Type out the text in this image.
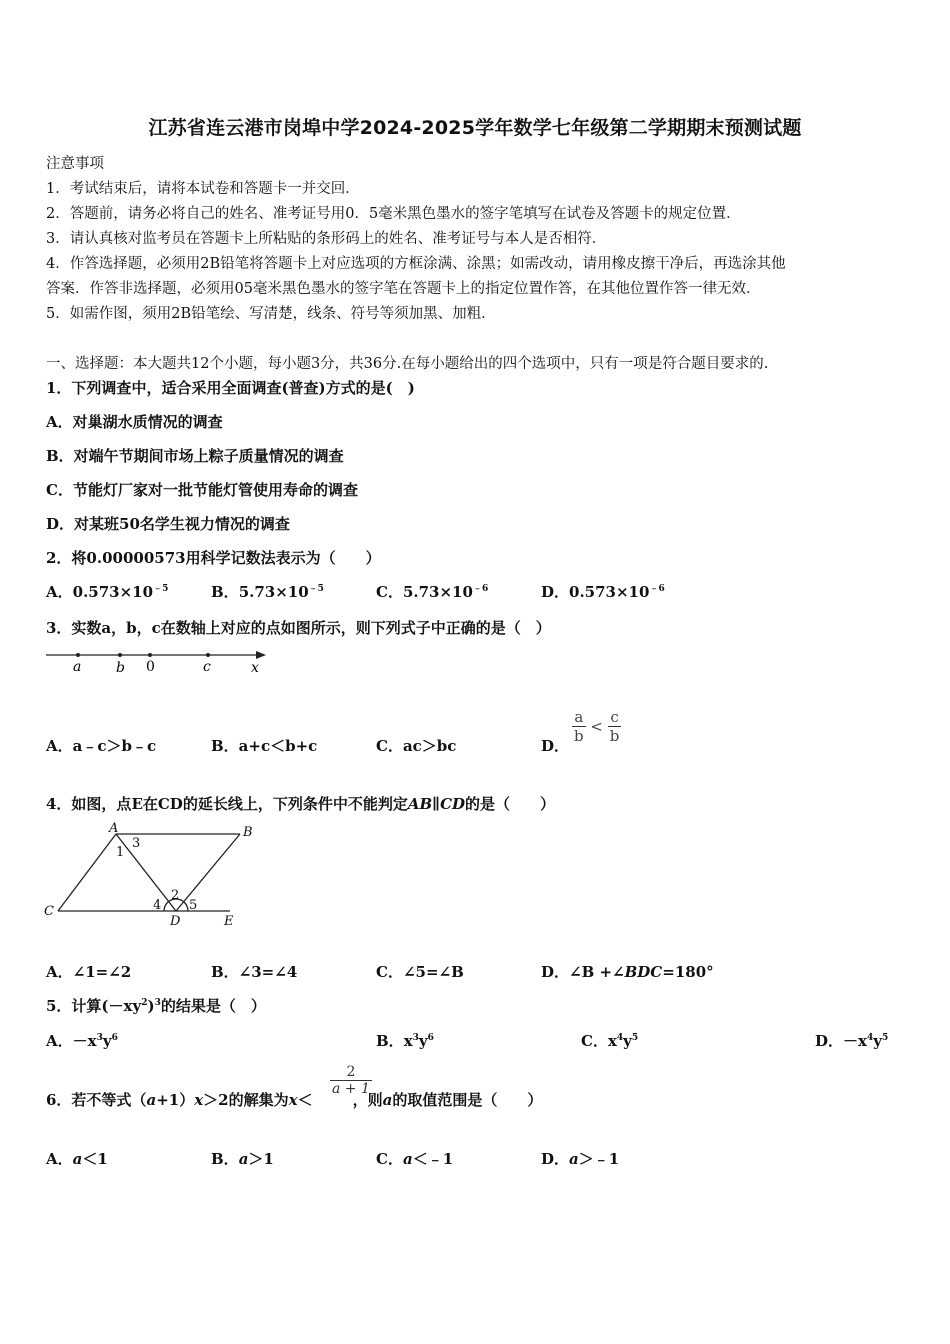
江苏省连云港市岗埠中学2024-2025学年数学七年级第二学期期末预测试题
注意事项
1．考试结束后，请将本试卷和答题卡一并交回．
2．答题前，请务必将自己的姓名、准考证号用0．5毫米黑色墨水的签字笔填写在试卷及答题卡的规定位置．
3．请认真核对监考员在答题卡上所粘贴的条形码上的姓名、准考证号与本人是否相符．
4．作答选择题，必须用2B铅笔将答题卡上对应选项的方框涂满、涂黑；如需改动，请用橡皮擦干净后，再选涂其他
答案．作答非选择题，必须用05毫米黑色墨水的签字笔在答题卡上的指定位置作答，在其他位置作答一律无效．
5．如需作图，须用2B铅笔绘、写清楚，线条、符号等须加黑、加粗．
一、选择题：本大题共12个小题，每小题3分，共36分.在每小题给出的四个选项中，只有一项是符合题目要求的.
1．下列调查中，适合采用全面调查(普查)方式的是(　)
A．对巢湖水质情况的调查
B．对端午节期间市场上粽子质量情况的调查
C．节能灯厂家对一批节能灯管使用寿命的调查
D．对某班50名学生视力情况的调查
2．将0.00000573用科学记数法表示为（　　）
A．$0.573\times 10^{﹣5}$	B．$5.73\times 10^{﹣5}$	C．$5.73\times 10^{﹣6}$	D．$0.573\times 10^{﹣6}$
3．实数a，b，c在数轴上对应的点如图所示，则下列式子中正确的是（　）
a b 0	c	x
A．a﹣c＞b﹣c	B．a+c＜b+c	C．ac＞bc	D．
$\frac{a}{b} < \frac{c}{b}$
4．如图，点E在CD的延长线上，下列条件中不能判定AB∥CD的是（　　）
A	B
C
D	E
1
2
3
4 5
A．∠1=∠2	B．∠3=∠4	C．∠5=∠B	D．∠B +∠BDC=180°
5．计算$(-xy^2)^3$的结果是（　）
A．$-x^3y^6$	B．$x^3y^6$	C．$x^4y^5$	D．$-x^4y^5$
6．若不等式（a+1）x＞2的解集为x＜	，则a的取值范围是（　　）
$\frac{2}{a + 1}$
A．a＜1	B．a＞1	C．a＜﹣1	D．a＞﹣1
